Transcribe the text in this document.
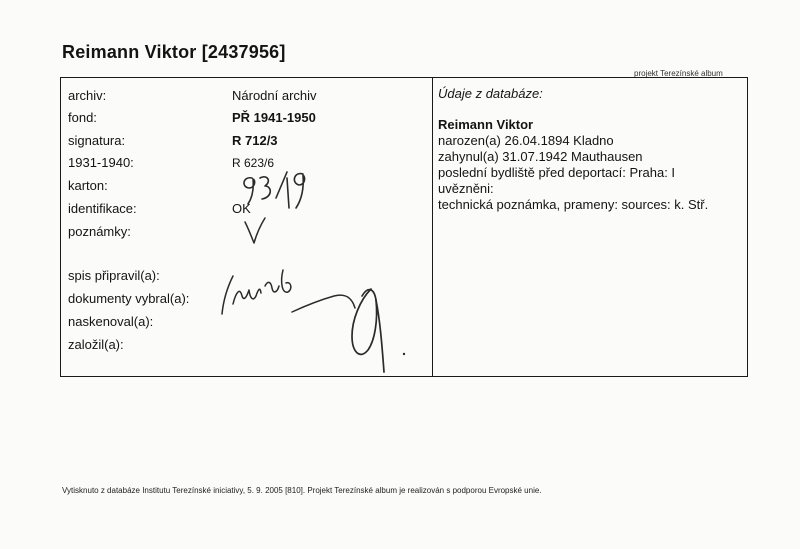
Reimann Viktor [2437956]
projekt Terezínské album
archiv:
fond:
signatura:
1931-1940:
karton:
identifikace:
poznámky:
spis připravil(a):
dokumenty vybral(a):
naskenoval(a):
založil(a):
Národní archiv
PŘ 1941-1950
R 712/3
R 623/6
OK
Údaje z databáze:
Reimann Viktor
narozen(a) 26.04.1894 Kladno
zahynul(a) 31.07.1942 Mauthausen
poslední bydliště před deportací: Praha: I
uvězněni:
technická poznámka, prameny: sources: k. Stř.
Vytisknuto z databáze Institutu Terezínské iniciativy, 5. 9. 2005 [810]. Projekt Terezínské album je realizován s podporou Evropské unie.
